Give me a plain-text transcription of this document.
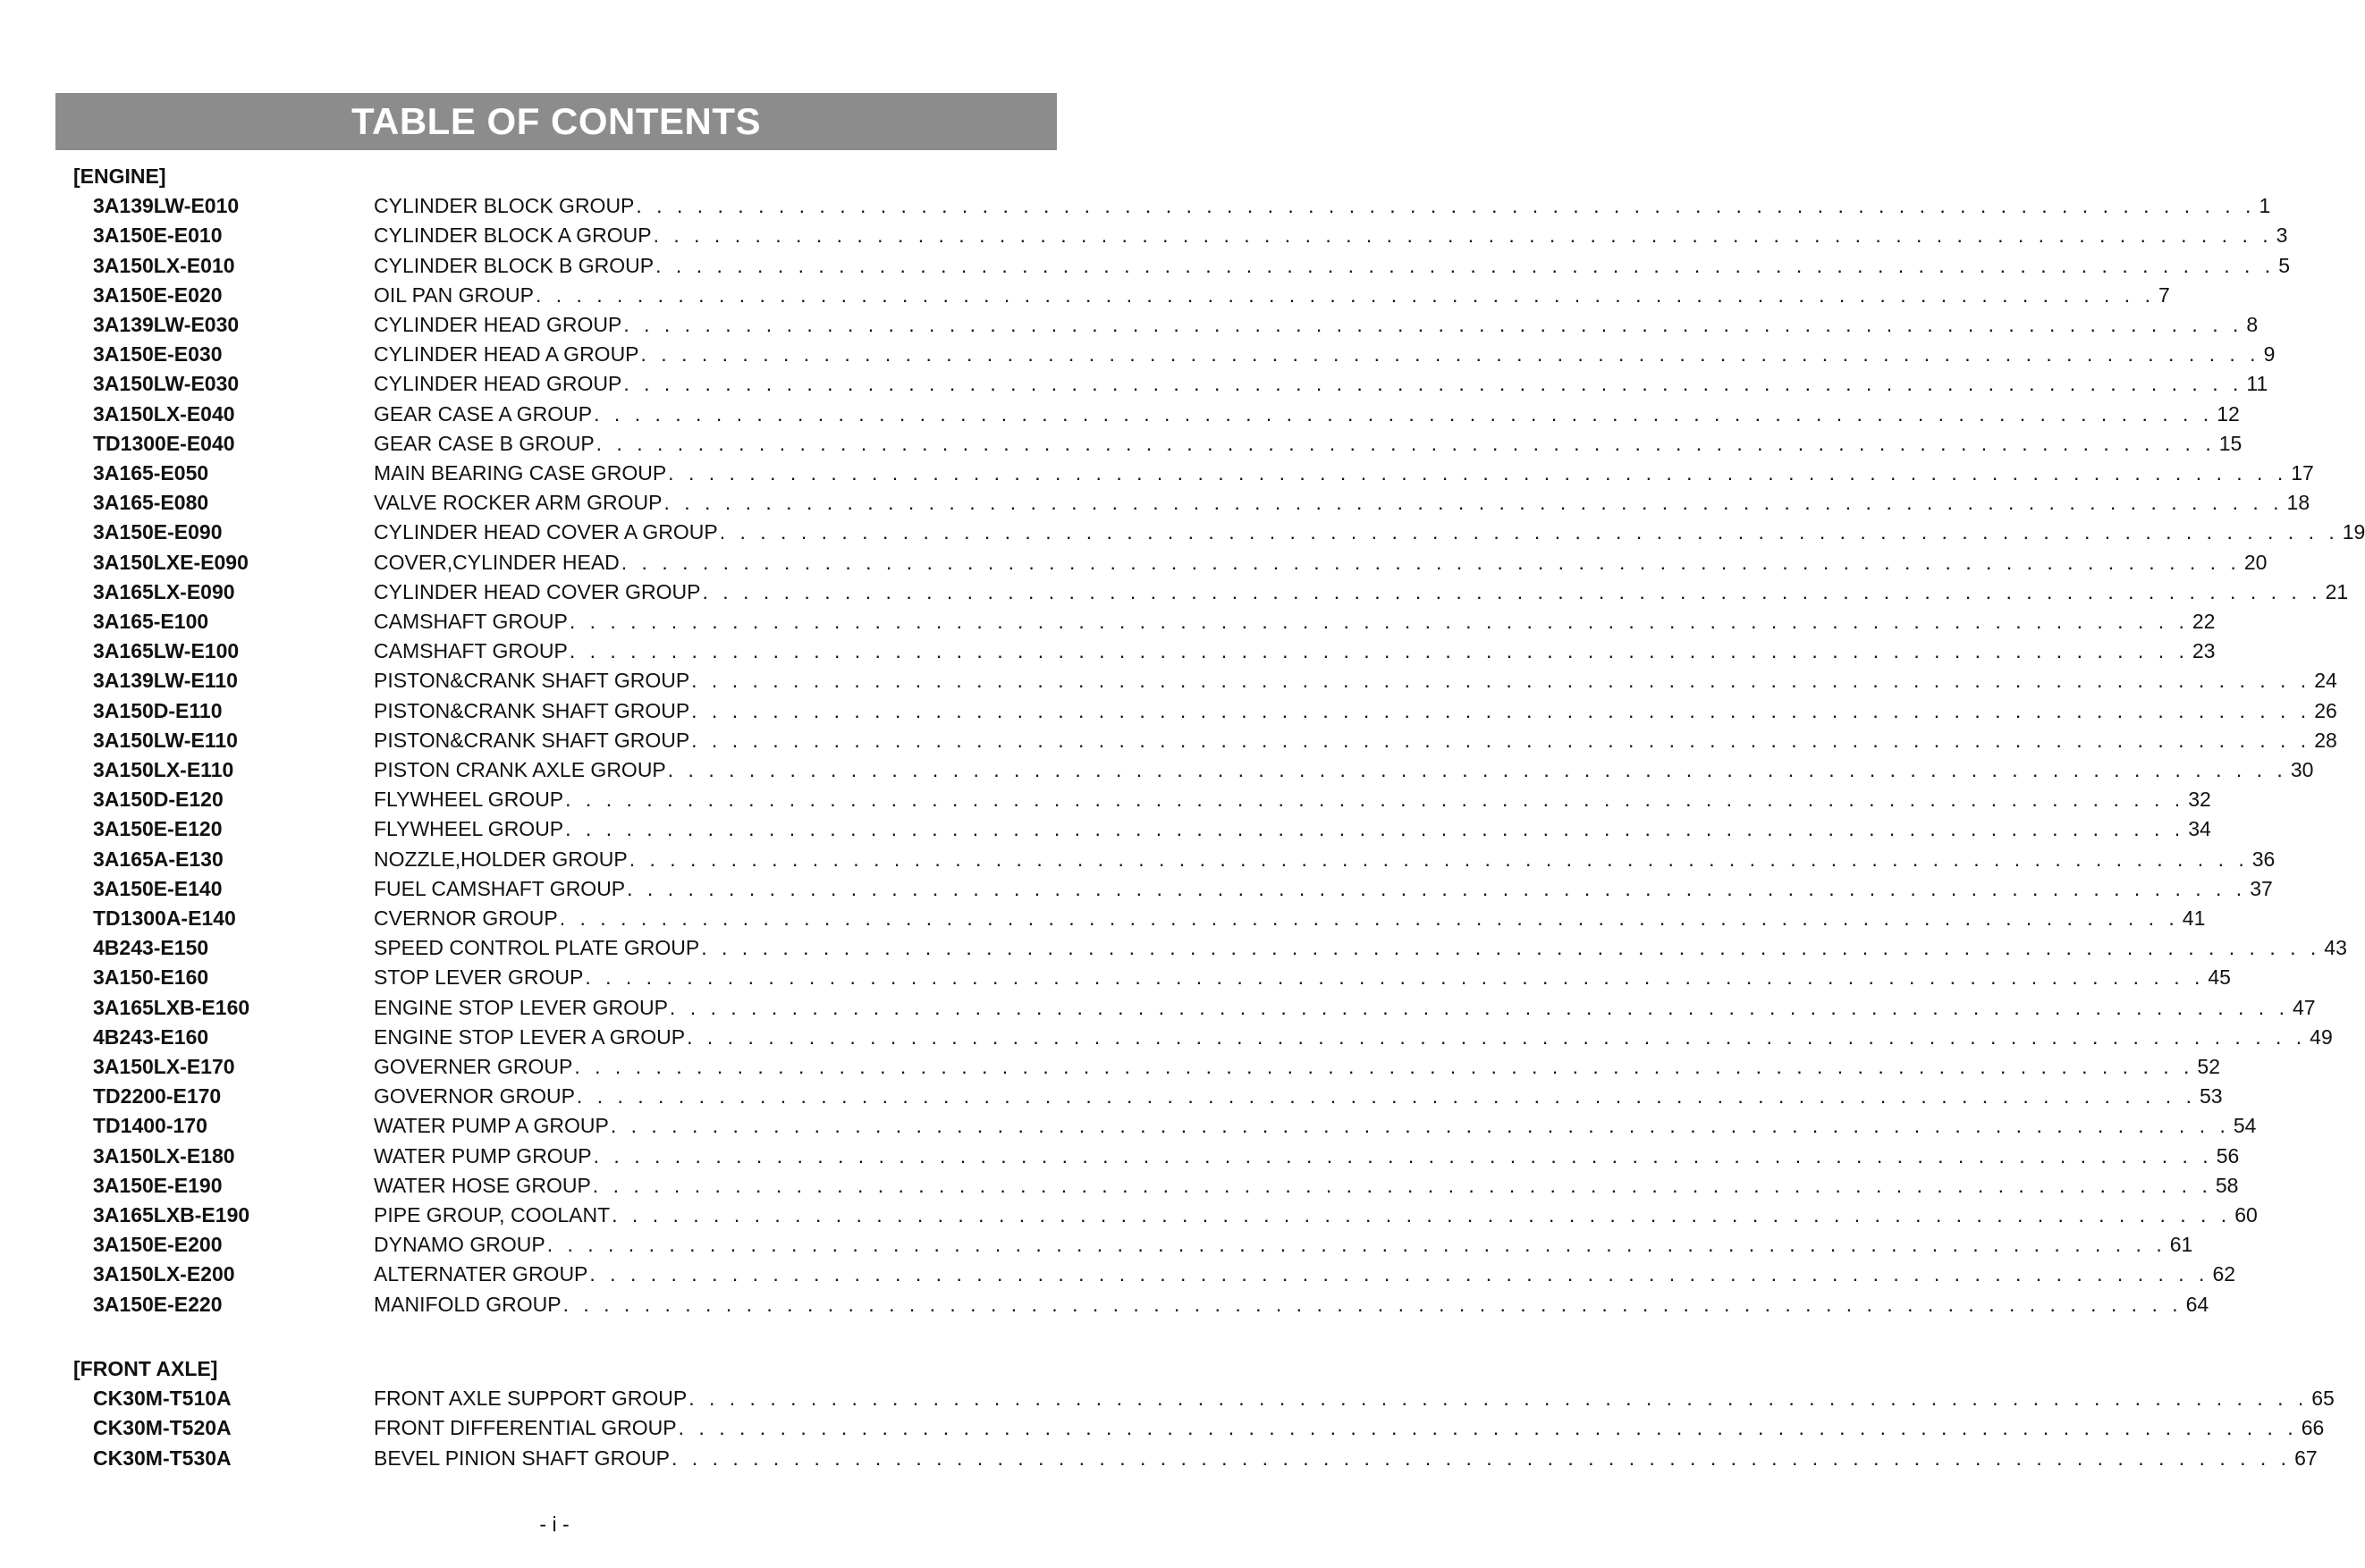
TABLE OF CONTENTS
[ENGINE]
3A139LW-E010	CYLINDER BLOCK GROUP . . . . . . . . . . . . . . . . . . . . . . . . . . . . . . . . . . . . . . . . . . . . . . . . . . . . . . . . . . . . . . . . . . . . . . . . . . . . . . . . 1
3A150E-E010	CYLINDER BLOCK A GROUP . . . . . . . . . . . . . . . . . . . . . . . . . . . . . . . . . . . . . . . . . . . . . . . . . . . . . . . . . . . . . . . . . . . . . . . . . . . . . . . . 3
3A150LX-E010	CYLINDER BLOCK B GROUP . . . . . . . . . . . . . . . . . . . . . . . . . . . . . . . . . . . . . . . . . . . . . . . . . . . . . . . . . . . . . . . . . . . . . . . . . . . . . . . . 5
3A150E-E020	OIL PAN GROUP . . . . . . . . . . . . . . . . . . . . . . . . . . . . . . . . . . . . . . . . . . . . . . . . . . . . . . . . . . . . . . . . . . . . . . . . . . . . . . . . 7
3A139LW-E030	CYLINDER HEAD GROUP . . . . . . . . . . . . . . . . . . . . . . . . . . . . . . . . . . . . . . . . . . . . . . . . . . . . . . . . . . . . . . . . . . . . . . . . . . . . . . . . 8
3A150E-E030	CYLINDER HEAD A GROUP . . . . . . . . . . . . . . . . . . . . . . . . . . . . . . . . . . . . . . . . . . . . . . . . . . . . . . . . . . . . . . . . . . . . . . . . . . . . . . . . 9
3A150LW-E030	CYLINDER HEAD GROUP . . . . . . . . . . . . . . . . . . . . . . . . . . . . . . . . . . . . . . . . . . . . . . . . . . . . . . . . . . . . . . . . . . . . . . . . . . . . . . . . 11
3A150LX-E040	GEAR CASE A GROUP . . . . . . . . . . . . . . . . . . . . . . . . . . . . . . . . . . . . . . . . . . . . . . . . . . . . . . . . . . . . . . . . . . . . . . . . . . . . . . . . 12
TD1300E-E040	GEAR CASE B GROUP . . . . . . . . . . . . . . . . . . . . . . . . . . . . . . . . . . . . . . . . . . . . . . . . . . . . . . . . . . . . . . . . . . . . . . . . . . . . . . . . 15
3A165-E050	MAIN BEARING CASE GROUP . . . . . . . . . . . . . . . . . . . . . . . . . . . . . . . . . . . . . . . . . . . . . . . . . . . . . . . . . . . . . . . . . . . . . . . . . . . . . . . . 17
3A165-E080	VALVE ROCKER ARM GROUP . . . . . . . . . . . . . . . . . . . . . . . . . . . . . . . . . . . . . . . . . . . . . . . . . . . . . . . . . . . . . . . . . . . . . . . . . . . . . . . . 18
3A150E-E090	CYLINDER HEAD COVER A GROUP . . . . . . . . . . . . . . . . . . . . . . . . . . . . . . . . . . . . . . . . . . . . . . . . . . . . . . . . . . . . . . . . . . . . . . . . . . . . . . . . 19
3A150LXE-E090	COVER,CYLINDER HEAD . . . . . . . . . . . . . . . . . . . . . . . . . . . . . . . . . . . . . . . . . . . . . . . . . . . . . . . . . . . . . . . . . . . . . . . . . . . . . . . . 20
3A165LX-E090	CYLINDER HEAD COVER GROUP . . . . . . . . . . . . . . . . . . . . . . . . . . . . . . . . . . . . . . . . . . . . . . . . . . . . . . . . . . . . . . . . . . . . . . . . . . . . . . . . 21
3A165-E100	CAMSHAFT GROUP . . . . . . . . . . . . . . . . . . . . . . . . . . . . . . . . . . . . . . . . . . . . . . . . . . . . . . . . . . . . . . . . . . . . . . . . . . . . . . . . 22
3A165LW-E100	CAMSHAFT GROUP . . . . . . . . . . . . . . . . . . . . . . . . . . . . . . . . . . . . . . . . . . . . . . . . . . . . . . . . . . . . . . . . . . . . . . . . . . . . . . . . 23
3A139LW-E110	PISTON&CRANK SHAFT GROUP . . . . . . . . . . . . . . . . . . . . . . . . . . . . . . . . . . . . . . . . . . . . . . . . . . . . . . . . . . . . . . . . . . . . . . . . . . . . . . . . 24
3A150D-E110	PISTON&CRANK SHAFT GROUP . . . . . . . . . . . . . . . . . . . . . . . . . . . . . . . . . . . . . . . . . . . . . . . . . . . . . . . . . . . . . . . . . . . . . . . . . . . . . . . . 26
3A150LW-E110	PISTON&CRANK SHAFT GROUP . . . . . . . . . . . . . . . . . . . . . . . . . . . . . . . . . . . . . . . . . . . . . . . . . . . . . . . . . . . . . . . . . . . . . . . . . . . . . . . . 28
3A150LX-E110	PISTON CRANK AXLE GROUP . . . . . . . . . . . . . . . . . . . . . . . . . . . . . . . . . . . . . . . . . . . . . . . . . . . . . . . . . . . . . . . . . . . . . . . . . . . . . . . . 30
3A150D-E120	FLYWHEEL GROUP . . . . . . . . . . . . . . . . . . . . . . . . . . . . . . . . . . . . . . . . . . . . . . . . . . . . . . . . . . . . . . . . . . . . . . . . . . . . . . . . 32
3A150E-E120	FLYWHEEL GROUP . . . . . . . . . . . . . . . . . . . . . . . . . . . . . . . . . . . . . . . . . . . . . . . . . . . . . . . . . . . . . . . . . . . . . . . . . . . . . . . . 34
3A165A-E130	NOZZLE,HOLDER GROUP . . . . . . . . . . . . . . . . . . . . . . . . . . . . . . . . . . . . . . . . . . . . . . . . . . . . . . . . . . . . . . . . . . . . . . . . . . . . . . . . 36
3A150E-E140	FUEL CAMSHAFT GROUP . . . . . . . . . . . . . . . . . . . . . . . . . . . . . . . . . . . . . . . . . . . . . . . . . . . . . . . . . . . . . . . . . . . . . . . . . . . . . . . . 37
TD1300A-E140	CVERNOR GROUP . . . . . . . . . . . . . . . . . . . . . . . . . . . . . . . . . . . . . . . . . . . . . . . . . . . . . . . . . . . . . . . . . . . . . . . . . . . . . . . . 41
4B243-E150	SPEED CONTROL PLATE GROUP . . . . . . . . . . . . . . . . . . . . . . . . . . . . . . . . . . . . . . . . . . . . . . . . . . . . . . . . . . . . . . . . . . . . . . . . . . . . . . . . 43
3A150-E160	STOP LEVER GROUP . . . . . . . . . . . . . . . . . . . . . . . . . . . . . . . . . . . . . . . . . . . . . . . . . . . . . . . . . . . . . . . . . . . . . . . . . . . . . . . . 45
3A165LXB-E160	ENGINE STOP LEVER GROUP . . . . . . . . . . . . . . . . . . . . . . . . . . . . . . . . . . . . . . . . . . . . . . . . . . . . . . . . . . . . . . . . . . . . . . . . . . . . . . . . 47
4B243-E160	ENGINE STOP LEVER A GROUP . . . . . . . . . . . . . . . . . . . . . . . . . . . . . . . . . . . . . . . . . . . . . . . . . . . . . . . . . . . . . . . . . . . . . . . . . . . . . . . . 49
3A150LX-E170	GOVERNER GROUP . . . . . . . . . . . . . . . . . . . . . . . . . . . . . . . . . . . . . . . . . . . . . . . . . . . . . . . . . . . . . . . . . . . . . . . . . . . . . . . . 52
TD2200-E170	GOVERNOR GROUP . . . . . . . . . . . . . . . . . . . . . . . . . . . . . . . . . . . . . . . . . . . . . . . . . . . . . . . . . . . . . . . . . . . . . . . . . . . . . . . . 53
TD1400-170	WATER PUMP A GROUP . . . . . . . . . . . . . . . . . . . . . . . . . . . . . . . . . . . . . . . . . . . . . . . . . . . . . . . . . . . . . . . . . . . . . . . . . . . . . . . . 54
3A150LX-E180	WATER PUMP GROUP . . . . . . . . . . . . . . . . . . . . . . . . . . . . . . . . . . . . . . . . . . . . . . . . . . . . . . . . . . . . . . . . . . . . . . . . . . . . . . . . 56
3A150E-E190	WATER HOSE GROUP . . . . . . . . . . . . . . . . . . . . . . . . . . . . . . . . . . . . . . . . . . . . . . . . . . . . . . . . . . . . . . . . . . . . . . . . . . . . . . . . 58
3A165LXB-E190	PIPE GROUP, COOLANT . . . . . . . . . . . . . . . . . . . . . . . . . . . . . . . . . . . . . . . . . . . . . . . . . . . . . . . . . . . . . . . . . . . . . . . . . . . . . . . . 60
3A150E-E200	DYNAMO GROUP . . . . . . . . . . . . . . . . . . . . . . . . . . . . . . . . . . . . . . . . . . . . . . . . . . . . . . . . . . . . . . . . . . . . . . . . . . . . . . . . 61
3A150LX-E200	ALTERNATER GROUP . . . . . . . . . . . . . . . . . . . . . . . . . . . . . . . . . . . . . . . . . . . . . . . . . . . . . . . . . . . . . . . . . . . . . . . . . . . . . . . . 62
3A150E-E220	MANIFOLD GROUP . . . . . . . . . . . . . . . . . . . . . . . . . . . . . . . . . . . . . . . . . . . . . . . . . . . . . . . . . . . . . . . . . . . . . . . . . . . . . . . . 64
[FRONT AXLE]
CK30M-T510A	FRONT AXLE SUPPORT GROUP . . . . . . . . . . . . . . . . . . . . . . . . . . . . . . . . . . . . . . . . . . . . . . . . . . . . . . . . . . . . . . . . . . . . . . . . . . . . . . . . 65
CK30M-T520A	FRONT DIFFERENTIAL GROUP . . . . . . . . . . . . . . . . . . . . . . . . . . . . . . . . . . . . . . . . . . . . . . . . . . . . . . . . . . . . . . . . . . . . . . . . . . . . . . . . 66
CK30M-T530A	BEVEL PINION SHAFT GROUP . . . . . . . . . . . . . . . . . . . . . . . . . . . . . . . . . . . . . . . . . . . . . . . . . . . . . . . . . . . . . . . . . . . . . . . . . . . . . . . . 67
- i -
